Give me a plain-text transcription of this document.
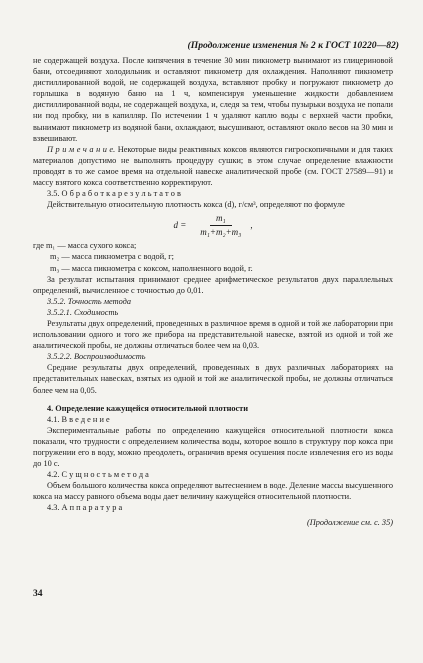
(Продолжение изменения № 2 к ГОСТ 10220—82)

не содержащей воздуха. После кипячения в течение 30 мин пикнометр вынимают из глицериновой бани, отсоединяют холодильник и оставляют пикнометр для охлаждения. Наполняют пикнометр дистиллированной водой, не содержащей воздуха, вставляют пробку и погружают пикнометр до горлышка в водяную баню на 1 ч, компенсируя уменьшение жидкости добавлением дистиллированной воды, не содержащей воздуха, и, следя за тем, чтобы пузырьки воздуха не попали ни под пробку, ни в капилляр. По истечении 1 ч удаляют каплю воды с верхней части пробки, вынимают пикнометр из водяной бани, охлаждают, высушивают, оставляют около весов на 30 мин и взвешивают.

П р и м е ч а н и е. Некоторые виды реактивных коксов являются гигроскопичными и для таких материалов допустимо не выполнять процедуру сушки; в этом случае определение влажности проводят в то же самое время на отдельной навеске аналитической пробе (см. ГОСТ 27589—91) и массу взятого кокса соответственно корректируют.

3.5. О б р а б о т к а р е з у л ь т а т о в

Действительную относительную плотность кокса (d), г/см³, определяют по формуле

$d = \frac{\text{m₁}}{\text{m₁+m₂+m₃}}$ ,

где m₁ — масса сухого кокса;

m₂ — масса пикнометра с водой, г;

m₃ — масса пикнометра с коксом, наполненного водой, г.

За результат испытания принимают среднее арифметическое результатов двух параллельных определений, вычисленное с точностью до 0,01.

3.5.2. Точность метода

3.5.2.1. Сходимость

Результаты двух определений, проведенных в различное время в одной и той же лаборатории при использовании одного и того же прибора на представительной навеске, взятой из одной и той же аналитической пробы, не должны отличаться более чем на 0,03.

3.5.2.2. Воспроизводимость

Средние результаты двух определений, проведенных в двух различных лабораториях на представительных навесках, взятых из одной и той же аналитической пробы, не должны отличаться более чем на 0,05.

4. Определение кажущейся относительной плотности

4.1. В в е д е н и е

Экспериментальные работы по определению кажущейся относительной плотности кокса показали, что трудности с определением количества воды, которое вошло в структуру пор кокса при погружении его в воду, можно преодолеть, ограничив время осушения после извлечения его из воды до 10 с.

4.2. С у щ н о с т ь м е т о д а

Объем большого количества кокса определяют вытеснением в воде. Деление массы высушенного кокса на массу равного объема воды дает величину кажущейся относительной плотности.

4.3. А п п а р а т у р а

(Продолжение см. с. 35)

34
